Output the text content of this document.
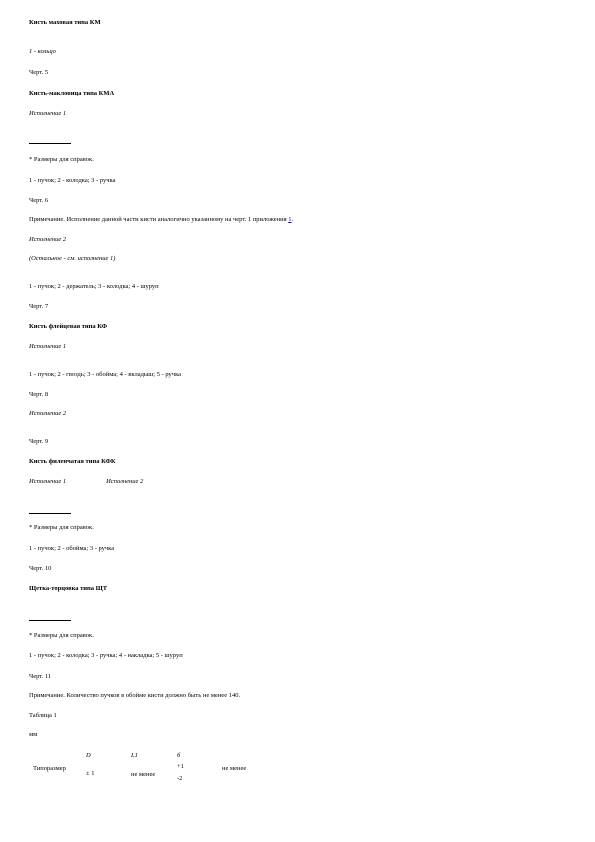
Кисть маховая типа КМ
1 - кольцо
Черт. 5
Кисть-макловица типа КМА
Исполнение 1
* Размеры для справок.
1 - пучок; 2 - колодка; 3 - ручка
Черт. 6
Примечание. Исполнение данной части кисти аналогично указанному на черт. 1 приложения 1.
Исполнение 2
(Остальное - см. исполнение 1)
1 - пучок; 2 - держатель; 3 - колодка; 4 - шуруп
Черт. 7
Кисть флейцевая типа КФ
Исполнение 1
1 - пучок; 2 - гвоздь; 3 - обойма; 4 - вкладыш; 5 - ручка
Черт. 8
Исполнение 2
Черт. 9
Кисть филенчатая типа КФК
Исполнение 1	Исполнение 2
* Размеры для справок.
1 - пучок; 2 - обойма; 3 - ручка
Черт. 10
Щетка-торцовка типа ЩТ
* Размеры для справок.
1 - пучок; 2 - колодка; 3 - ручка; 4 - накладка; 5 - шуруп
Черт. 11
Примечание. Количество пучков в обойме кисти должно быть не менее 140.
Таблица 1
мм
Типоразмер
D
± 1
L1
не менее
б
+1
-2
не менее
